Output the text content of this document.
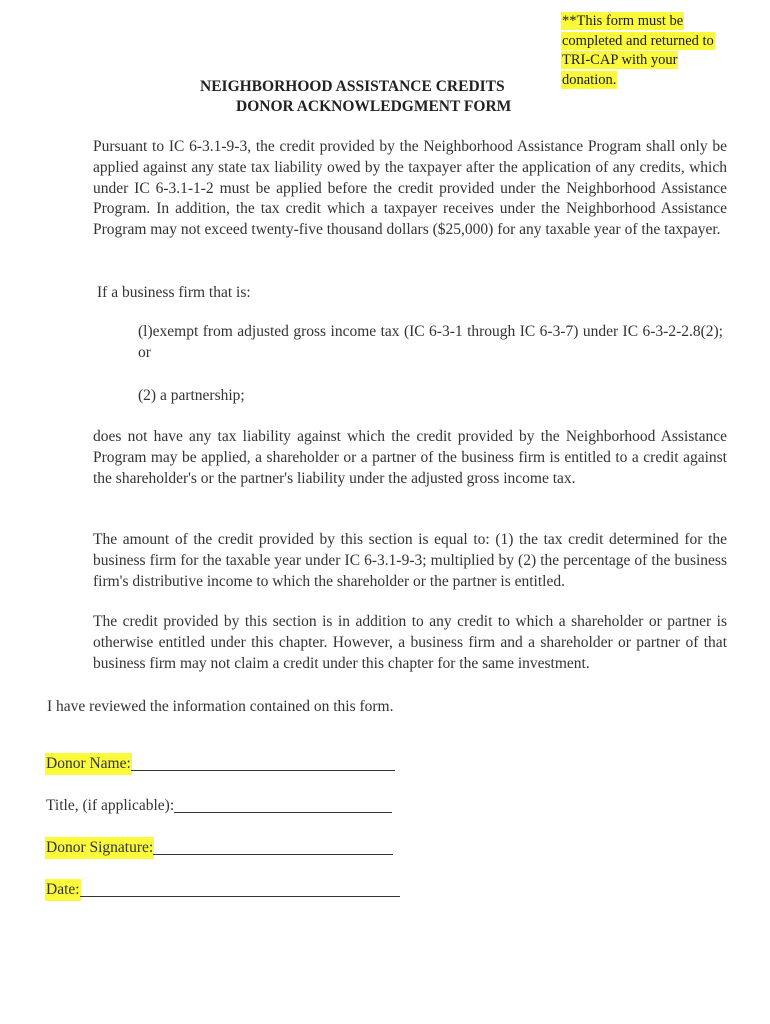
**This form must be
completed and returned to
TRI-CAP with your
donation.
NEIGHBORHOOD ASSISTANCE CREDITS
DONOR ACKNOWLEDGMENT FORM
Pursuant to IC 6-3.1-9-3, the credit provided by the Neighborhood Assistance Program shall only be applied against any state tax liability owed by the taxpayer after the application of any credits, which under IC 6-3.1-1-2 must be applied before the credit provided under the Neighborhood Assistance Program. In addition, the tax credit which a taxpayer receives under the Neighborhood Assistance Program may not exceed twenty-five thousand dollars ($25,000) for any taxable year of the taxpayer.
If a business firm that is:
(l)exempt from adjusted gross income tax (IC 6-3-1 through IC 6-3-7) under IC 6-3-2-2.8(2); or
(2) a partnership;
does not have any tax liability against which the credit provided by the Neighborhood Assistance Program may be applied, a shareholder or a partner of the business firm is entitled to a credit against the shareholder's or the partner's liability under the adjusted gross income tax.
The amount of the credit provided by this section is equal to: (1) the tax credit determined for the business firm for the taxable year under IC 6-3.1-9-3; multiplied by (2) the percentage of the business firm's distributive income to which the shareholder or the partner is entitled.
The credit provided by this section is in addition to any credit to which a shareholder or partner is otherwise entitled under this chapter. However, a business firm and a shareholder or partner of that business firm may not claim a credit under this chapter for the same investment.
I have reviewed the information contained on this form.
Donor Name:
Title, (if applicable):
Donor Signature:
Date:
